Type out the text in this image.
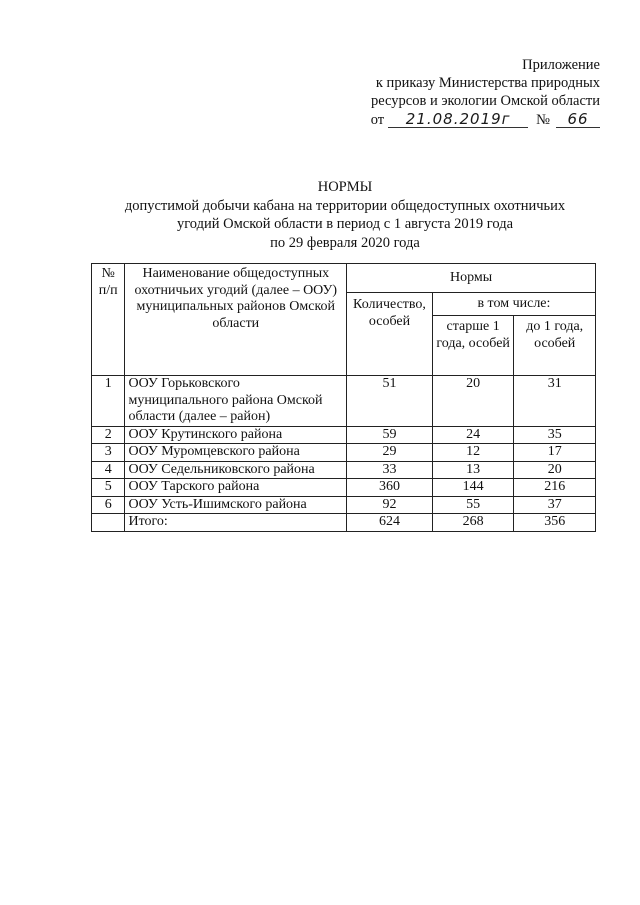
Приложение
к приказу Министерства природных
ресурсов и экологии Омской области
от	21.08.2019г	№	66
НОРМЫ
допустимой добычи кабана на территории общедоступных охотничьих
угодий Омской области в период с 1 августа 2019 года
по 29 февраля 2020 года
№ п/п	Наименование общедоступных охотничьих угодий (далее – ООУ) муниципальных районов Омской области	Нормы		
		Количество, особей	в том числе:	
			старше 1 года, особей	до 1 года, особей
1	ООУ Горьковского муниципального района Омской области (далее – район)	51	20	31
2	ООУ Крутинского района	59	24	35
3	ООУ Муромцевского района	29	12	17
4	ООУ Седельниковского района	33	13	20
5	ООУ Тарского района	360	144	216
6	ООУ Усть-Ишимского района	92	55	37
	Итого:	624	268	356
